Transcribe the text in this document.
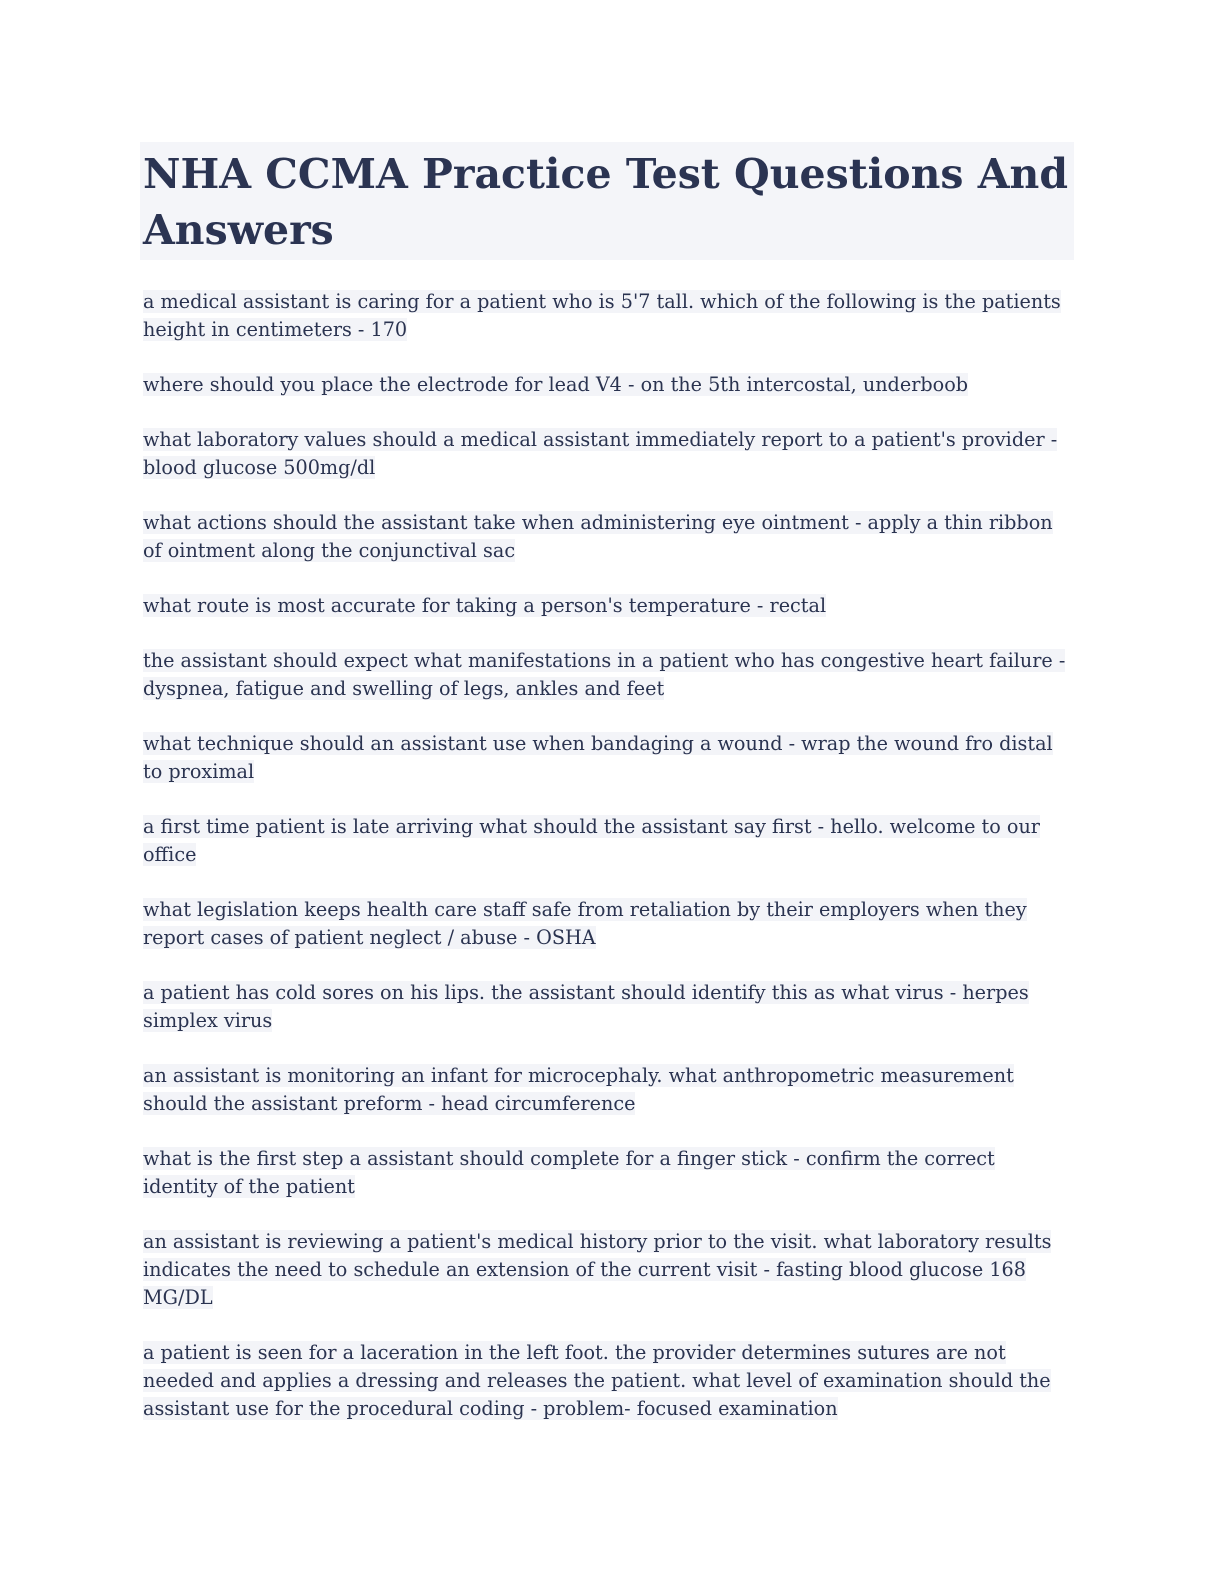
NHA CCMA Practice Test Questions And Answers
a medical assistant is caring for a patient who is 5'7 tall. which of the following is the patients height in centimeters - 170
where should you place the electrode for lead V4 - on the 5th intercostal, underboob
what laboratory values should a medical assistant immediately report to a patient's provider - blood glucose 500mg/dl
what actions should the assistant take when administering eye ointment - apply a thin ribbon of ointment along the conjunctival sac
what route is most accurate for taking a person's temperature - rectal
the assistant should expect what manifestations in a patient who has congestive heart failure - dyspnea, fatigue and swelling of legs, ankles and feet
what technique should an assistant use when bandaging a wound - wrap the wound fro distal to proximal
a first time patient is late arriving what should the assistant say first - hello. welcome to our office
what legislation keeps health care staff safe from retaliation by their employers when they report cases of patient neglect / abuse - OSHA
a patient has cold sores on his lips. the assistant should identify this as what virus - herpes simplex virus
an assistant is monitoring an infant for microcephaly. what anthropometric measurement should the assistant preform - head circumference
what is the first step a assistant should complete for a finger stick - confirm the correct identity of the patient
an assistant is reviewing a patient's medical history prior to the visit. what laboratory results indicates the need to schedule an extension of the current visit - fasting blood glucose 168 MG/DL
a patient is seen for a laceration in the left foot. the provider determines sutures are not needed and applies a dressing and releases the patient. what level of examination should the assistant use for the procedural coding - problem- focused examination
